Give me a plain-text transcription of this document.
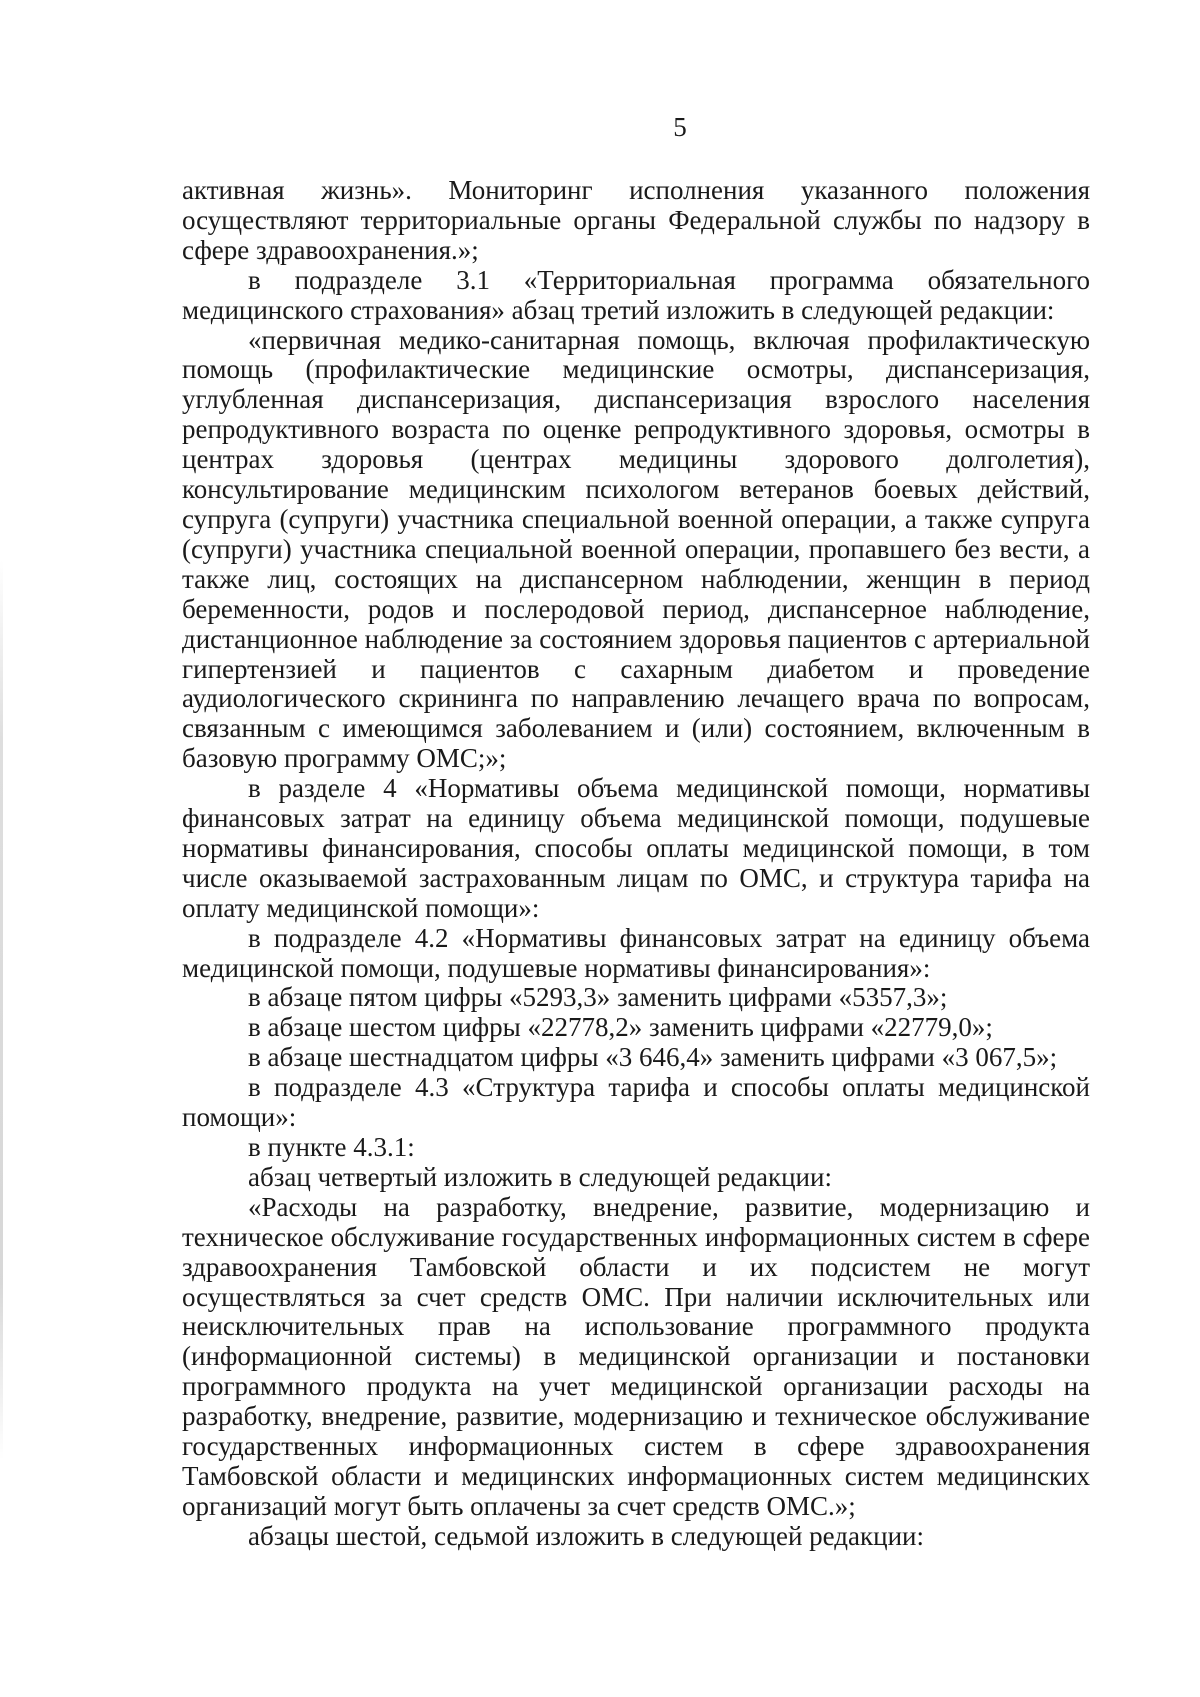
5

активная жизнь». Мониторинг исполнения указанного положения осуществляют территориальные органы Федеральной службы по надзору в сфере здравоохранения.»;

в подразделе 3.1 «Территориальная программа обязательного медицинского страхования» абзац третий изложить в следующей редакции:

«первичная медико-санитарная помощь, включая профилактическую помощь (профилактические медицинские осмотры, диспансеризация, углубленная диспансеризация, диспансеризация взрослого населения репродуктивного возраста по оценке репродуктивного здоровья, осмотры в центрах здоровья (центрах медицины здорового долголетия), консультирование медицинским психологом ветеранов боевых действий, супруга (супруги) участника специальной военной операции, а также супруга (супруги) участника специальной военной операции, пропавшего без вести, а также лиц, состоящих на диспансерном наблюдении, женщин в период беременности, родов и послеродовой период, диспансерное наблюдение, дистанционное наблюдение за состоянием здоровья пациентов с артериальной гипертензией и пациентов с сахарным диабетом и проведение аудиологического скрининга по направлению лечащего врача по вопросам, связанным с имеющимся заболеванием и (или) состоянием, включенным в базовую программу ОМС;»;

в разделе 4 «Нормативы объема медицинской помощи, нормативы финансовых затрат на единицу объема медицинской помощи, подушевые нормативы финансирования, способы оплаты медицинской помощи, в том числе оказываемой застрахованным лицам по ОМС, и структура тарифа на оплату медицинской помощи»:

в подразделе 4.2 «Нормативы финансовых затрат на единицу объема медицинской помощи, подушевые нормативы финансирования»:

в абзаце пятом цифры «5293,3» заменить цифрами «5357,3»;

в абзаце шестом цифры «22778,2» заменить цифрами «22779,0»;

в абзаце шестнадцатом цифры «3 646,4» заменить цифрами «3 067,5»;

в подразделе 4.3 «Структура тарифа и способы оплаты медицинской помощи»:

в пункте 4.3.1:

абзац четвертый изложить в следующей редакции:

«Расходы на разработку, внедрение, развитие, модернизацию и техническое обслуживание государственных информационных систем в сфере здравоохранения Тамбовской области и их подсистем не могут осуществляться за счет средств ОМС. При наличии исключительных или неисключительных прав на использование программного продукта (информационной системы) в медицинской организации и постановки программного продукта на учет медицинской организации расходы на разработку, внедрение, развитие, модернизацию и техническое обслуживание государственных информационных систем в сфере здравоохранения Тамбовской области и медицинских информационных систем медицинских организаций могут быть оплачены за счет средств ОМС.»;

абзацы шестой, седьмой изложить в следующей редакции:
